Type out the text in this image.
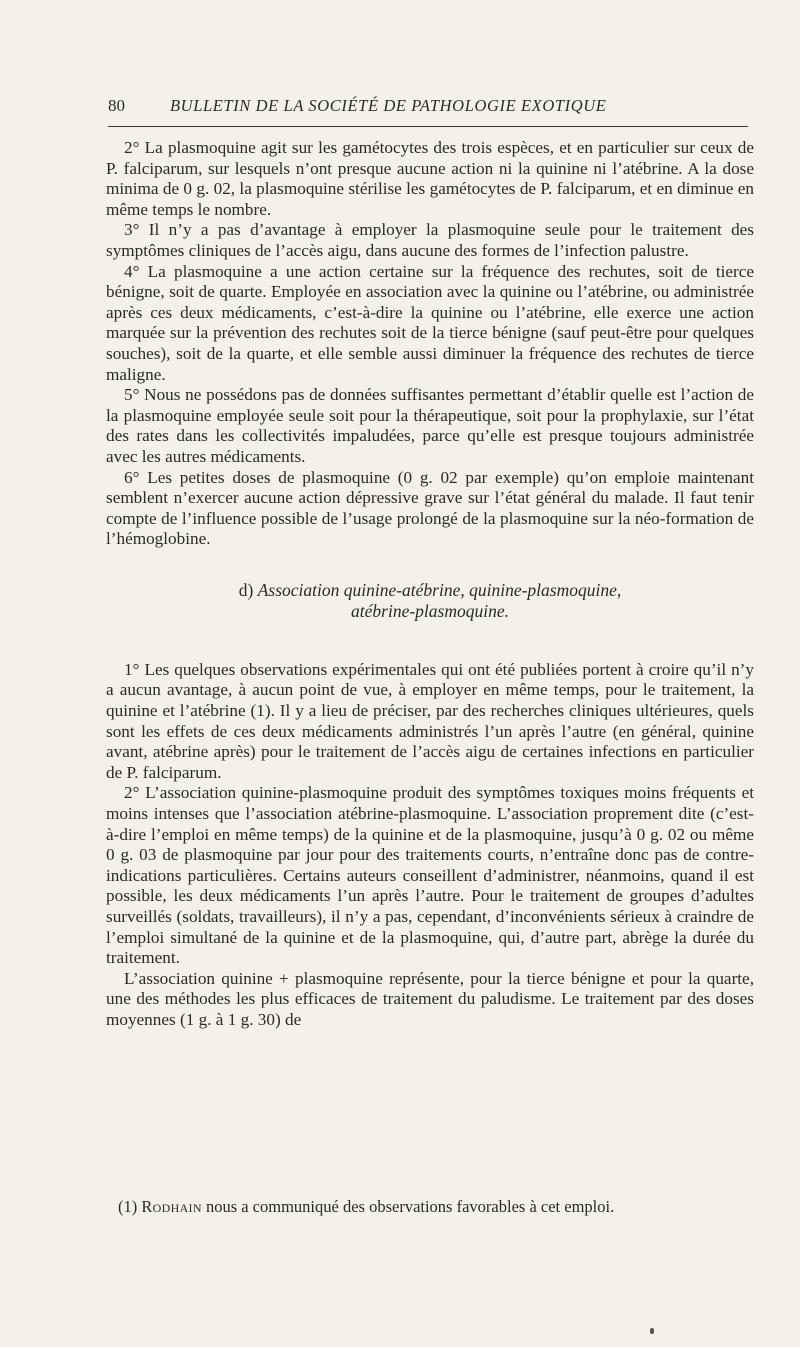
80	BULLETIN DE LA SOCIÉTÉ DE PATHOLOGIE EXOTIQUE

2° La plasmoquine agit sur les gamétocytes des trois espèces, et en particulier sur ceux de P. falciparum, sur lesquels n’ont presque aucune action ni la quinine ni l’atébrine. A la dose minima de 0 g. 02, la plasmoquine stérilise les gamétocytes de P. falciparum, et en diminue en même temps le nombre.

3° Il n’y a pas d’avantage à employer la plasmoquine seule pour le traitement des symptômes cliniques de l’accès aigu, dans aucune des formes de l’infection palustre.

4° La plasmoquine a une action certaine sur la fréquence des rechutes, soit de tierce bénigne, soit de quarte. Employée en association avec la quinine ou l’atébrine, ou administrée après ces deux médicaments, c’est-à-dire la quinine ou l’atébrine, elle exerce une action marquée sur la prévention des rechutes soit de la tierce bénigne (sauf peut-être pour quelques souches), soit de la quarte, et elle semble aussi diminuer la fréquence des rechutes de tierce maligne.

5° Nous ne possédons pas de données suffisantes permettant d’établir quelle est l’action de la plasmoquine employée seule soit pour la thérapeutique, soit pour la prophylaxie, sur l’état des rates dans les collectivités impaludées, parce qu’elle est presque toujours administrée avec les autres médicaments.

6° Les petites doses de plasmoquine (0 g. 02 par exemple) qu’on emploie maintenant semblent n’exercer aucune action dépressive grave sur l’état général du malade. Il faut tenir compte de l’influence possible de l’usage prolongé de la plasmoquine sur la néo-formation de l’hémoglobine.

d) Association quinine-atébrine, quinine-plasmoquine,
atébrine-plasmoquine.

1° Les quelques observations expérimentales qui ont été publiées portent à croire qu’il n’y a aucun avantage, à aucun point de vue, à employer en même temps, pour le traitement, la quinine et l’atébrine (1). Il y a lieu de préciser, par des recherches cliniques ultérieures, quels sont les effets de ces deux médicaments administrés l’un après l’autre (en général, quinine avant, atébrine après) pour le traitement de l’accès aigu de certaines infections en particulier de P. falciparum.

2° L’association quinine-plasmoquine produit des symptômes toxiques moins fréquents et moins intenses que l’association atébrine-plasmoquine. L’association proprement dite (c’est-à-dire l’emploi en même temps) de la quinine et de la plasmoquine, jusqu’à 0 g. 02 ou même 0 g. 03 de plasmoquine par jour pour des traitements courts, n’entraîne donc pas de contre-indications particulières. Certains auteurs conseillent d’administrer, néanmoins, quand il est possible, les deux médicaments l’un après l’autre. Pour le traitement de groupes d’adultes surveillés (soldats, travailleurs), il n’y a pas, cependant, d’inconvénients sérieux à craindre de l’emploi simultané de la quinine et de la plasmoquine, qui, d’autre part, abrège la durée du traitement.

L’association quinine + plasmoquine représente, pour la tierce bénigne et pour la quarte, une des méthodes les plus efficaces de traitement du paludisme. Le traitement par des doses moyennes (1 g. à 1 g. 30) de

(1) Rodhain nous a communiqué des observations favorables à cet emploi.
